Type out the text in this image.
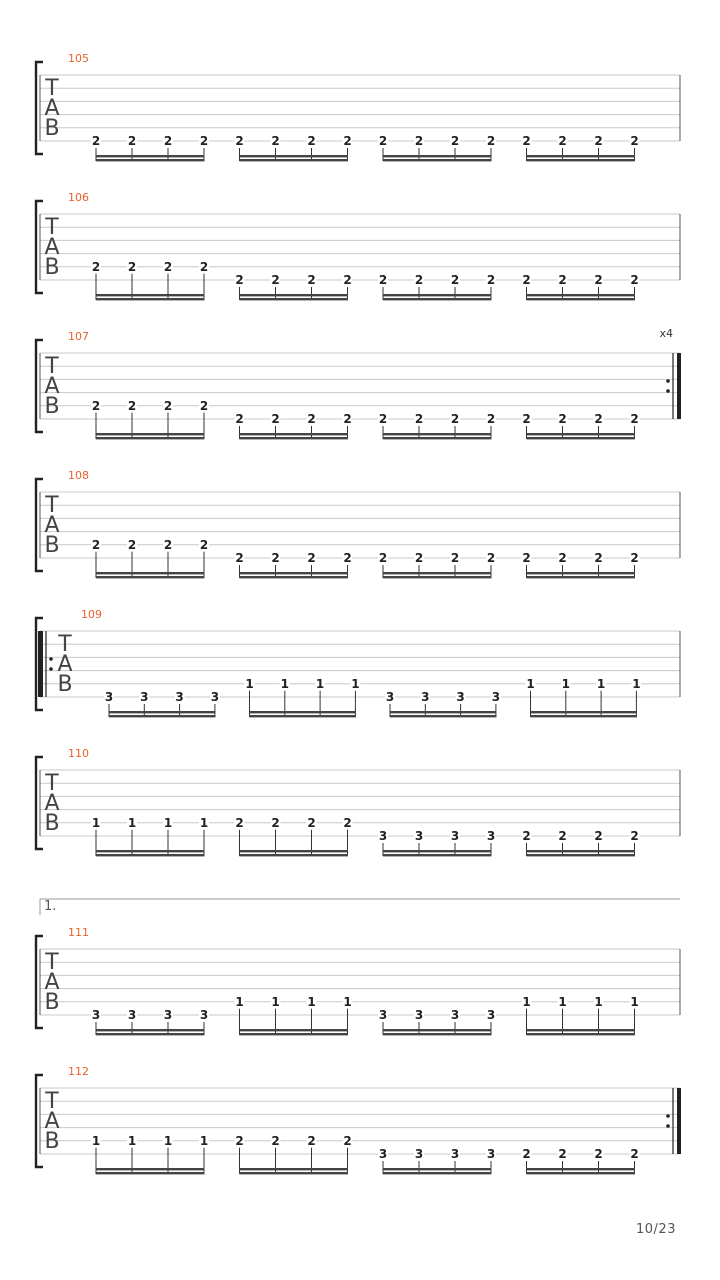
T
A
B
105
2 2 2 2 2 2 2 2 2 2 2 2 2 2 2 2
T
A
B
106
2 2 2 2
2 2 2 2 2 2 2 2 2 2 2 2
T
A
B
107	x4
2 2 2 2
2 2 2 2 2 2 2 2 2 2 2 2
T
A
B
108
2 2 2 2
2 2 2 2 2 2 2 2 2 2 2 2
T
A
B
109
3 3 3 3
1 1 1 1
3 3 3 3
1 1 1 1
T
A
B
110
1 1 1 1 2 2 2 2
3 3 3 3 2 2 2 2
1.
T
A
B
111
3 3 3 3
1 1 1 1
3 3 3 3
1 1 1 1
T
A
B
112
1 1 1 1 2 2 2 2
3 3 3 3 2 2 2 2
10/23
